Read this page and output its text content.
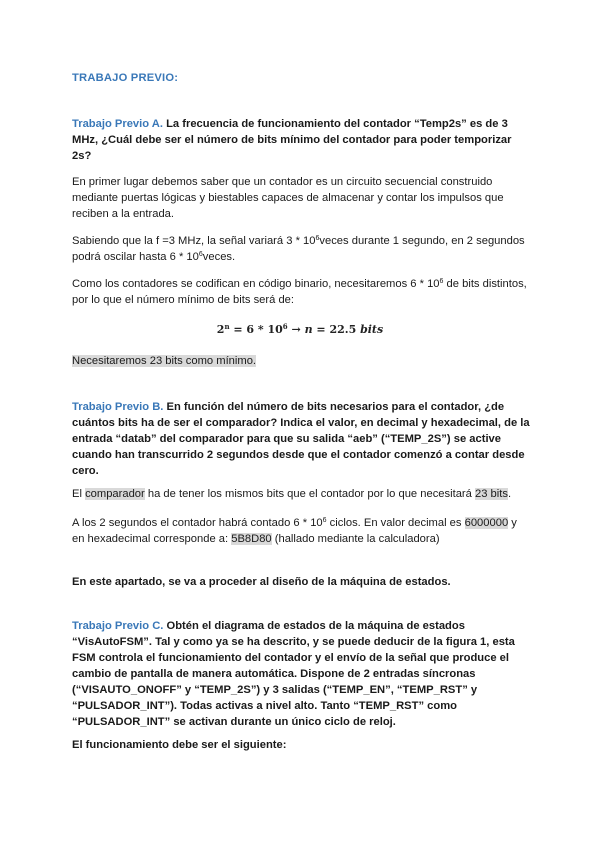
TRABAJO PREVIO:
Trabajo Previo A. La frecuencia de funcionamiento del contador “Temp2s” es de 3 MHz, ¿Cuál debe ser el número de bits mínimo del contador para poder temporizar 2s?
En primer lugar debemos saber que un contador es un circuito secuencial construido mediante puertas lógicas y biestables capaces de almacenar y contar los impulsos que reciben a la entrada.
Sabiendo que la f =3 MHz, la señal variará $3 * 10^6veces$ durante 1 segundo, en 2 segundos podrá oscilar hasta $6 * 10^6veces$.
Como los contadores se codifican en código binario, necesitaremos $6 * 10^6$ de bits distintos, por lo que el número mínimo de bits será de:
$2^n = 6 * 10^6 \to n = 22.5$ bits
Necesitaremos 23 bits como mínimo.
Trabajo Previo B. En función del número de bits necesarios para el contador, ¿de cuántos bits ha de ser el comparador? Indica el valor, en decimal y hexadecimal, de la entrada “datab” del comparador para que su salida “aeb” (“TEMP_2S”) se active cuando han transcurrido 2 segundos desde que el contador comenzó a contar desde cero.
El comparador ha de tener los mismos bits que el contador por lo que necesitará 23 bits.
A los 2 segundos el contador habrá contado $6 * 10^6$ ciclos. En valor decimal es 6000000 y en hexadecimal corresponde a: 5B8D80 (hallado mediante la calculadora)
En este apartado, se va a proceder al diseño de la máquina de estados.
Trabajo Previo C. Obtén el diagrama de estados de la máquina de estados “VisAutoFSM”. Tal y como ya se ha descrito, y se puede deducir de la figura 1, esta FSM controla el funcionamiento del contador y el envío de la señal que produce el cambio de pantalla de manera automática. Dispone de 2 entradas síncronas (“VISAUTO_ONOFF” y “TEMP_2S”) y 3 salidas (“TEMP_EN”, “TEMP_RST” y “PULSADOR_INT”). Todas activas a nivel alto. Tanto “TEMP_RST” como “PULSADOR_INT” se activan durante un único ciclo de reloj.
El funcionamiento debe ser el siguiente:
